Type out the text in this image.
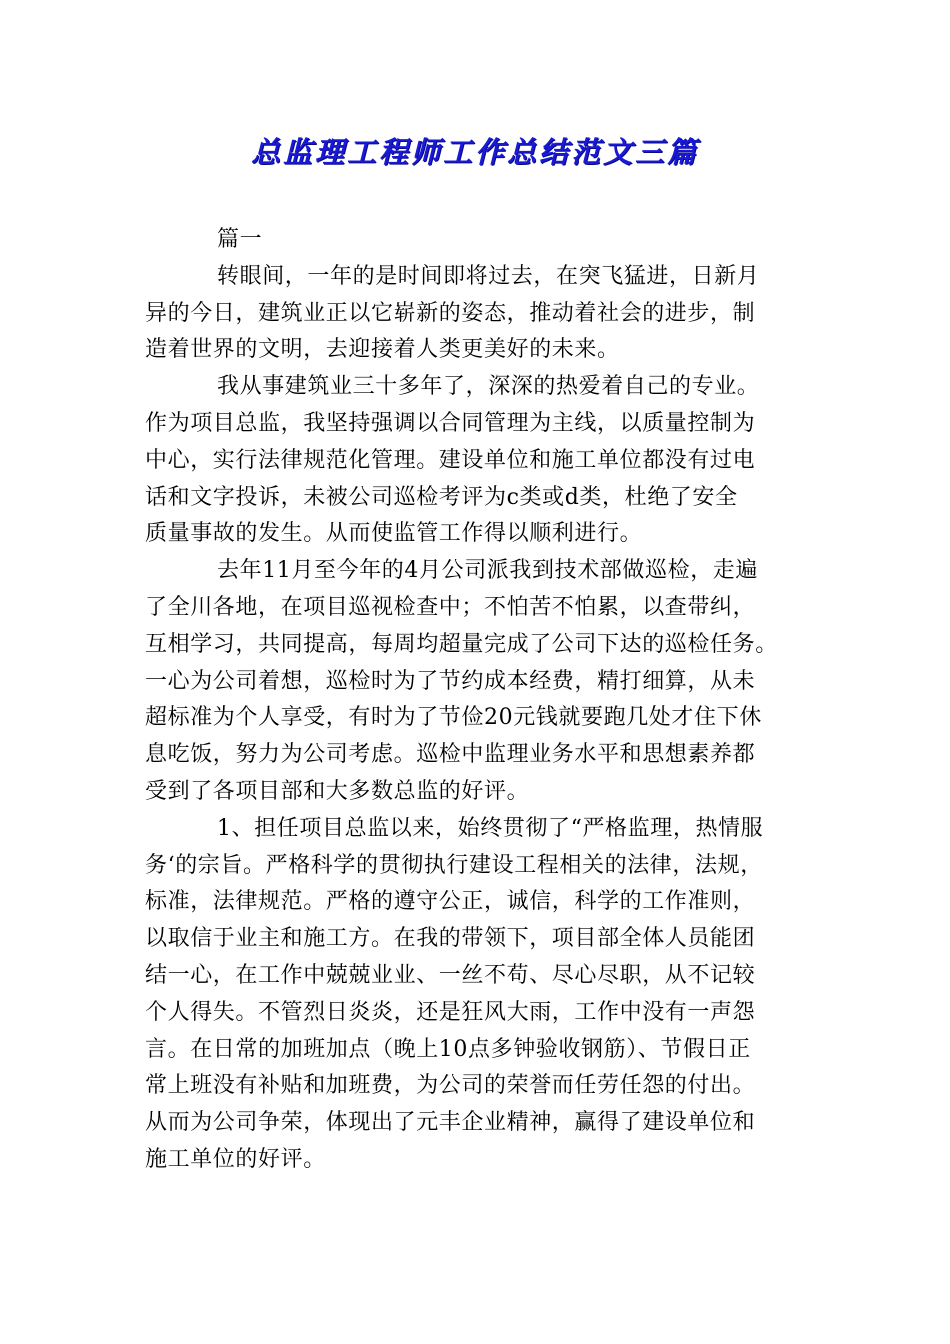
总监理工程师工作总结范文三篇
篇一
转眼间，一年的是时间即将过去，在突飞猛进，日新月
异的今日，建筑业正以它崭新的姿态，推动着社会的进步，制
造着世界的文明，去迎接着人类更美好的未来。
我从事建筑业三十多年了，深深的热爱着自己的专业。
作为项目总监，我坚持强调以合同管理为主线，以质量控制为
中心，实行法律规范化管理。建设单位和施工单位都没有过电
话和文字投诉，未被公司巡检考评为c类或d类，杜绝了安全
质量事故的发生。从而使监管工作得以顺利进行。
去年11月至今年的4月公司派我到技术部做巡检，走遍
了全川各地，在项目巡视检查中；不怕苦不怕累，以查带纠，
互相学习，共同提高，每周均超量完成了公司下达的巡检任务。
一心为公司着想，巡检时为了节约成本经费，精打细算，从未
超标准为个人享受，有时为了节俭20元钱就要跑几处才住下休
息吃饭，努力为公司考虑。巡检中监理业务水平和思想素养都
受到了各项目部和大多数总监的好评。
1、担任项目总监以来，始终贯彻了“严格监理，热情服
务‘的宗旨。严格科学的贯彻执行建设工程相关的法律，法规，
标准，法律规范。严格的遵守公正，诚信，科学的工作准则，
以取信于业主和施工方。在我的带领下，项目部全体人员能团
结一心，在工作中兢兢业业、一丝不苟、尽心尽职，从不记较
个人得失。不管烈日炎炎，还是狂风大雨，工作中没有一声怨
言。在日常的加班加点（晚上10点多钟验收钢筋）、节假日正
常上班没有补贴和加班费，为公司的荣誉而任劳任怨的付出。
从而为公司争荣，体现出了元丰企业精神，赢得了建设单位和
施工单位的好评。
